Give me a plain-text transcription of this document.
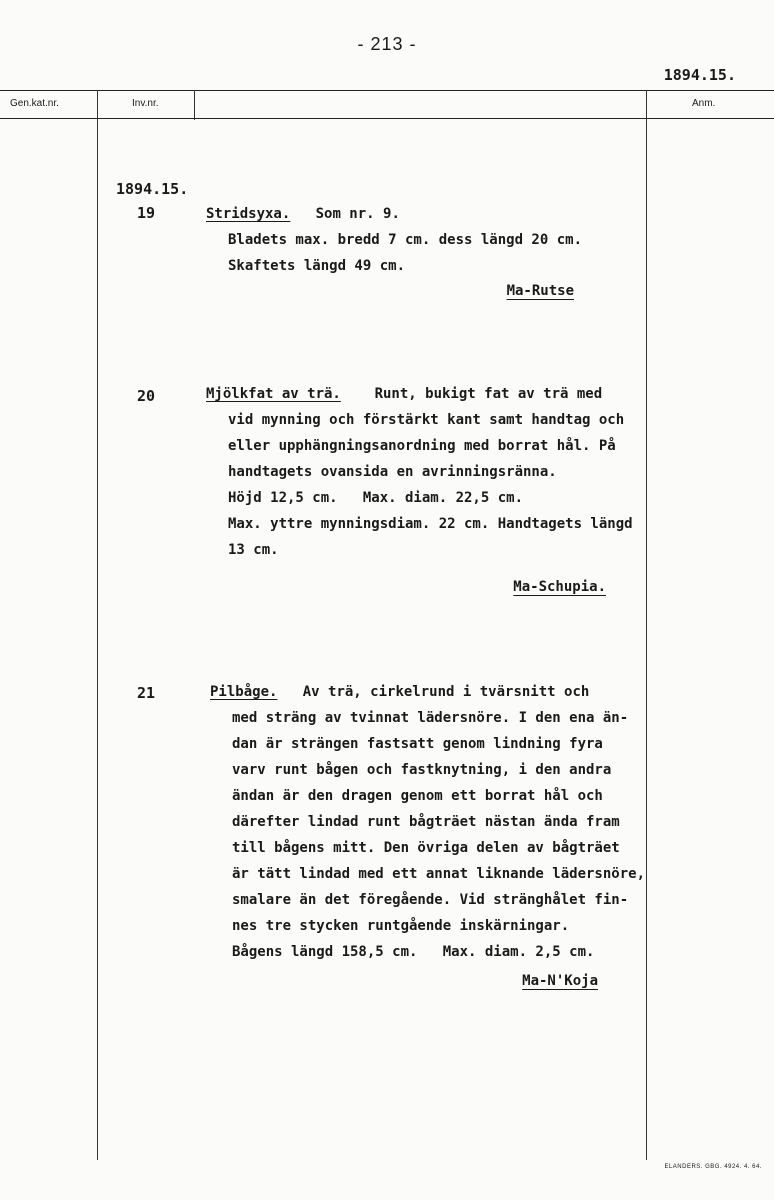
- 213 -
1894.15.
Gen.kat.nr.	Inv.nr.	Anm.
1894.15.
19	Stridsyxa. Som nr. 9.
Bladets max. bredd 7 cm. dess längd 20 cm.
Skaftets längd 49 cm.
Ma-Rutse
20	Mjölkfat av trä. Runt, bukigt fat av trä med
vid mynning och förstärkt kant samt handtag och
eller upphängningsanordning med borrat hål. På
handtagets ovansida en avrinningsränna.
Höjd 12,5 cm.   Max. diam. 22,5 cm.
Max. yttre mynningsdiam. 22 cm. Handtagets längd
13 cm.
Ma-Schupia.
21	Pilbåge. Av trä, cirkelrund i tvärsnitt och
med sträng av tvinnat lädersnöre. I den ena än-
dan är strängen fastsatt genom lindning fyra
varv runt bågen och fastknytning, i den andra
ändan är den dragen genom ett borrat hål och
därefter lindad runt bågträet nästan ända fram
till bågens mitt. Den övriga delen av bågträet
är tätt lindad med ett annat liknande lädersnöre,
smalare än det föregående. Vid stränghålet fin-
nes tre stycken runtgående inskärningar.
Bågens längd 158,5 cm.   Max. diam. 2,5 cm.
Ma-N'Koja
ELANDERS. GBG. 4924. 4. 64.
